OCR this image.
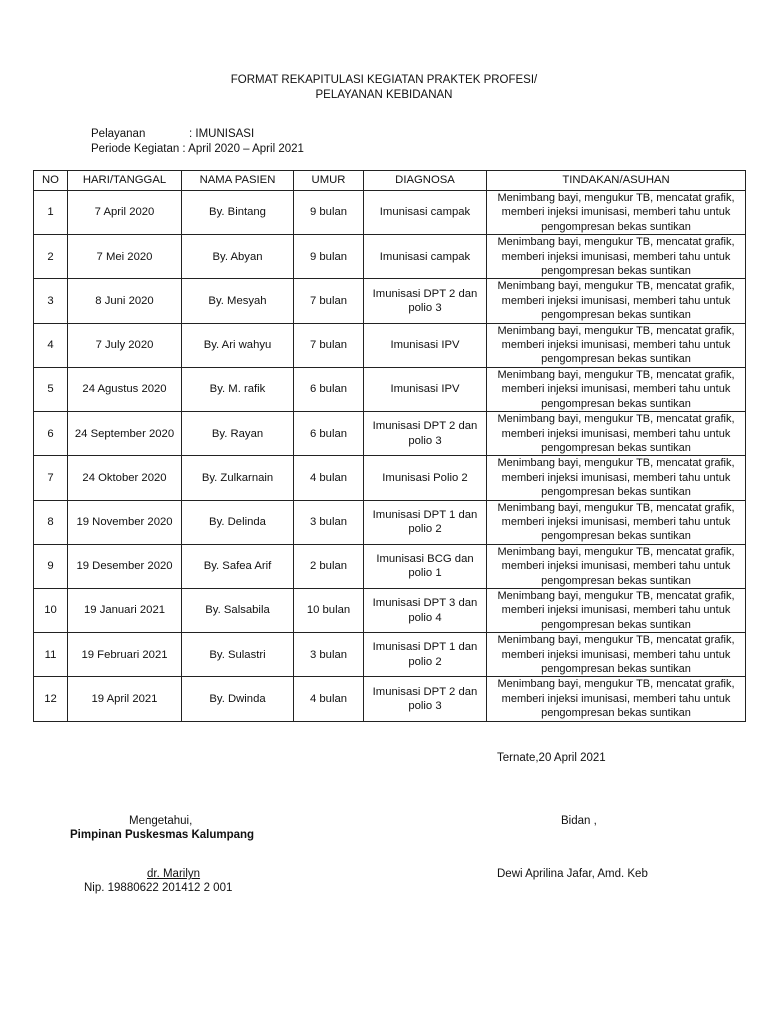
FORMAT REKAPITULASI KEGIATAN PRAKTEK PROFESI/
PELAYANAN KEBIDANAN
Pelayanan	: IMUNISASI
Periode Kegiatan : April 2020 – April 2021
NO	HARI/TANGGAL	NAMA PASIEN	UMUR	DIAGNOSA	TINDAKAN/ASUHAN
1	7 April 2020	By. Bintang	9 bulan	Imunisasi campak	Menimbang bayi, mengukur TB, mencatat grafik, memberi injeksi imunisasi, memberi tahu untuk pengompresan bekas suntikan
2	7 Mei 2020	By. Abyan	9 bulan	Imunisasi campak	Menimbang bayi, mengukur TB, mencatat grafik, memberi injeksi imunisasi, memberi tahu untuk pengompresan bekas suntikan
3	8 Juni 2020	By. Mesyah	7 bulan	Imunisasi DPT 2 dan polio 3	Menimbang bayi, mengukur TB, mencatat grafik, memberi injeksi imunisasi, memberi tahu untuk pengompresan bekas suntikan
4	7 July 2020	By. Ari wahyu	7 bulan	Imunisasi IPV	Menimbang bayi, mengukur TB, mencatat grafik, memberi injeksi imunisasi, memberi tahu untuk pengompresan bekas suntikan
5	24 Agustus 2020	By. M. rafik	6 bulan	Imunisasi IPV	Menimbang bayi, mengukur TB, mencatat grafik, memberi injeksi imunisasi, memberi tahu untuk pengompresan bekas suntikan
6	24 September 2020	By. Rayan	6 bulan	Imunisasi DPT 2 dan polio 3	Menimbang bayi, mengukur TB, mencatat grafik, memberi injeksi imunisasi, memberi tahu untuk pengompresan bekas suntikan
7	24 Oktober 2020	By. Zulkarnain	4 bulan	Imunisasi Polio 2	Menimbang bayi, mengukur TB, mencatat grafik, memberi injeksi imunisasi, memberi tahu untuk pengompresan bekas suntikan
8	19 November 2020	By. Delinda	3 bulan	Imunisasi DPT 1 dan polio 2	Menimbang bayi, mengukur TB, mencatat grafik, memberi injeksi imunisasi, memberi tahu untuk pengompresan bekas suntikan
9	19 Desember 2020	By. Safea Arif	2 bulan	Imunisasi BCG dan polio 1	Menimbang bayi, mengukur TB, mencatat grafik, memberi injeksi imunisasi, memberi tahu untuk pengompresan bekas suntikan
10	19 Januari 2021	By. Salsabila	10 bulan	Imunisasi DPT 3 dan polio 4	Menimbang bayi, mengukur TB, mencatat grafik, memberi injeksi imunisasi, memberi tahu untuk pengompresan bekas suntikan
11	19 Februari 2021	By. Sulastri	3 bulan	Imunisasi DPT 1 dan polio 2	Menimbang bayi, mengukur TB, mencatat grafik, memberi injeksi imunisasi, memberi tahu untuk pengompresan bekas suntikan
12	19 April 2021	By. Dwinda	4 bulan	Imunisasi DPT 2 dan polio 3	Menimbang bayi, mengukur TB, mencatat grafik, memberi injeksi imunisasi, memberi tahu untuk pengompresan bekas suntikan
Ternate,20 April 2021
Mengetahui,
Pimpinan Puskesmas Kalumpang
Bidan ,
dr. Marilyn
Nip. 19880622 201412 2 001
Dewi Aprilina Jafar, Amd. Keb
